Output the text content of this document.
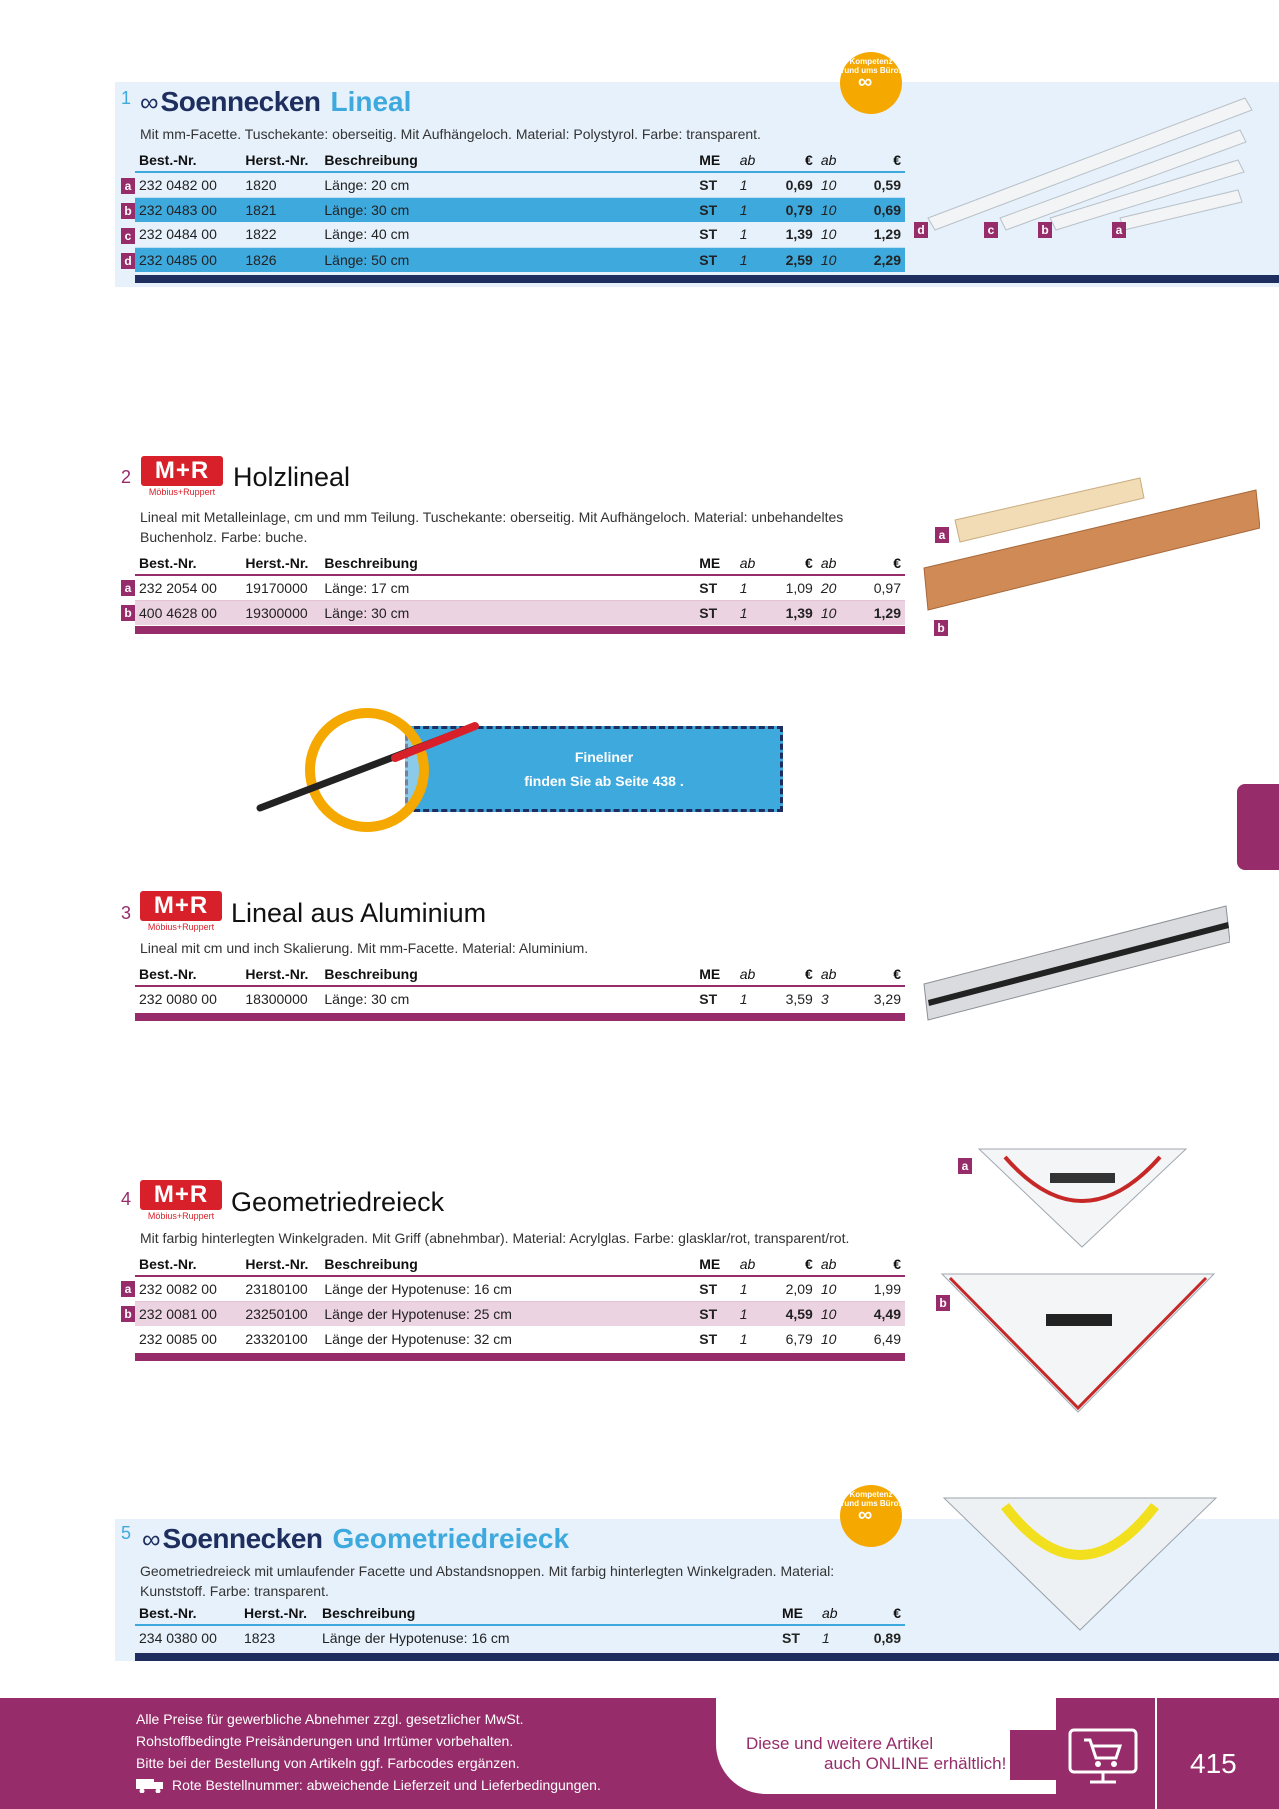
1 ∞ Soennecken Lineal
Mit mm-Facette. Tuschekante: oberseitig. Mit Aufhängeloch. Material: Polystyrol. Farbe: transparent.
Kompetenz rund ums Büro.
∞
Best.-Nr.	Herst.-Nr.	Beschreibung	ME	ab	€	ab	€
232 0482 00	1820	Länge: 20 cm	ST	1	0,69	10	0,59
232 0483 00	1821	Länge: 30 cm	ST	1	0,79	10	0,69
232 0484 00	1822	Länge: 40 cm	ST	1	1,39	10	1,29
232 0485 00	1826	Länge: 50 cm	ST	1	2,59	10	2,29
a
b
c
d
d	c	b	a
2 M+R
Möbius+Ruppert Holzlineal
Lineal mit Metalleinlage, cm und mm Teilung. Tuschekante: oberseitig. Mit Aufhängeloch. Material: unbehandeltes Buchenholz. Farbe: buche.
Best.-Nr.	Herst.-Nr.	Beschreibung	ME	ab	€	ab	€
232 2054 00	19170000	Länge: 17 cm	ST	1	1,09	20	0,97
400 4628 00	19300000	Länge: 30 cm	ST	1	1,39	10	1,29
a
b
a
b
Fineliner
finden Sie ab Seite 438 .
3 M+R
Möbius+Ruppert Lineal aus Aluminium
Lineal mit cm und inch Skalierung. Mit mm-Facette. Material: Aluminium.
Best.-Nr.	Herst.-Nr.	Beschreibung	ME	ab	€	ab	€
232 0080 00	18300000	Länge: 30 cm	ST	1	3,59	3	3,29
4 M+R
Möbius+Ruppert Geometriedreieck
Mit farbig hinterlegten Winkelgraden. Mit Griff (abnehmbar). Material: Acrylglas. Farbe: glasklar/rot, transparent/rot.
Best.-Nr.	Herst.-Nr.	Beschreibung	ME	ab	€	ab	€
232 0082 00	23180100	Länge der Hypotenuse: 16 cm	ST	1	2,09	10	1,99
232 0081 00	23250100	Länge der Hypotenuse: 25 cm	ST	1	4,59	10	4,49
232 0085 00	23320100	Länge der Hypotenuse: 32 cm	ST	1	6,79	10	6,49
a
b
a
b
5 ∞ Soennecken Geometriedreieck
Geometriedreieck mit umlaufender Facette und Abstandsnoppen. Mit farbig hinterlegten Winkelgraden. Material: Kunststoff. Farbe: transparent.
Kompetenz rund ums Büro.
∞
Best.-Nr.	Herst.-Nr.	Beschreibung	ME	ab	€
234 0380 00	1823	Länge der Hypotenuse: 16 cm	ST	1	0,89
Alle Preise für gewerbliche Abnehmer zzgl. gesetzlicher MwSt.
Rohstoffbedingte Preisänderungen und Irrtümer vorbehalten.
Bitte bei der Bestellung von Artikeln ggf. Farbcodes ergänzen.
Rote Bestellnummer: abweichende Lieferzeit und Lieferbedingungen.
Diese und weitere Artikel
auch ONLINE erhältlich!	415
